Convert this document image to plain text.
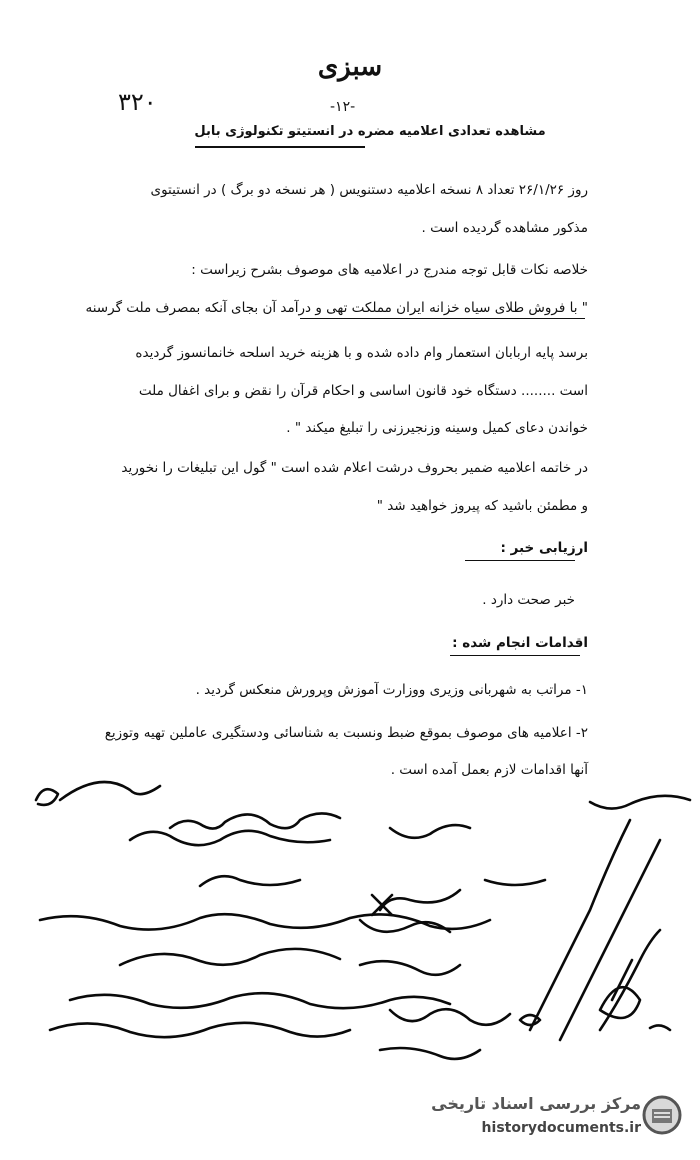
سبزی
۳۲۰	-۱۲-
مشاهده تعدادی اعلامیه مضره در انستیتو تکنولوژی بابل
روز ۲۶/۱/۲۶ تعداد ۸ نسخه اعلامیه دستنویس ( هر نسخه دو برگ ) در انستیتوی
مذکور مشاهده گردیده است .
خلاصه نکات قابل توجه مندرج در اعلامیه های موصوف بشرح زیراست :
" با فروش طلای سیاه خزانه ایران مملکت تهی و درآمد آن بجای آنکه بمصرف ملت گرسنه
برسد پایه اربابان استعمار وام داده شده و با هزینه خرید اسلحه خانمانسوز گردیده
است ........ دستگاه خود قانون اساسی و احکام قرآن را نقض و برای اغفال ملت
خواندن دعای کمیل وسینه وزنجیرزنی را تبلیغ میکند " .
در خاتمه اعلامیه ضمیر بحروف درشت اعلام شده است " گول این تبلیغات را نخورید
و مطمئن باشید که پیروز خواهید شد "
ارزیابی خبر :
خبر صحت دارد .
اقدامات انجام شده :
۱- مراتب به شهربانی وزیری ووزارت آموزش وپرورش منعکس گردید .
۲- اعلامیه های موصوف بموقع ضبط ونسبت به شناسائی ودستگیری عاملین تهیه وتوزیع
آنها اقدامات لازم بعمل آمده است .
مرکز بررسی اسناد تاریخی
historydocuments.ir
